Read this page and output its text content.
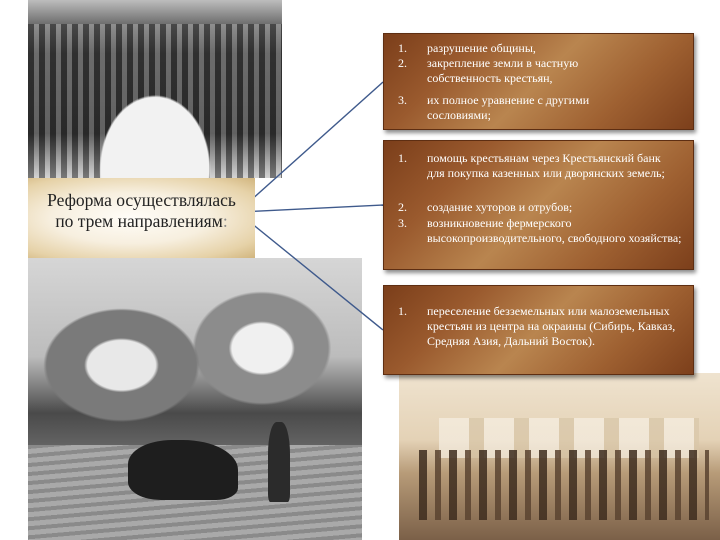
Реформа осуществлялась
по трем направлениям:
1. разрушение общины,
2. закрепление земли в частную собственность крестьян,
3. их полное уравнение с другими сословиями;
1. помощь крестьянам через Крестьянский банк для покупка казенных или дворянских земель;
2. создание хуторов и отрубов;
3. возникновение фермерского высокопроизводительного, свободного хозяйства;
1. переселение безземельных или малоземельных крестьян из центра на окраины (Сибирь, Кавказ, Средняя Азия, Дальний Восток).
